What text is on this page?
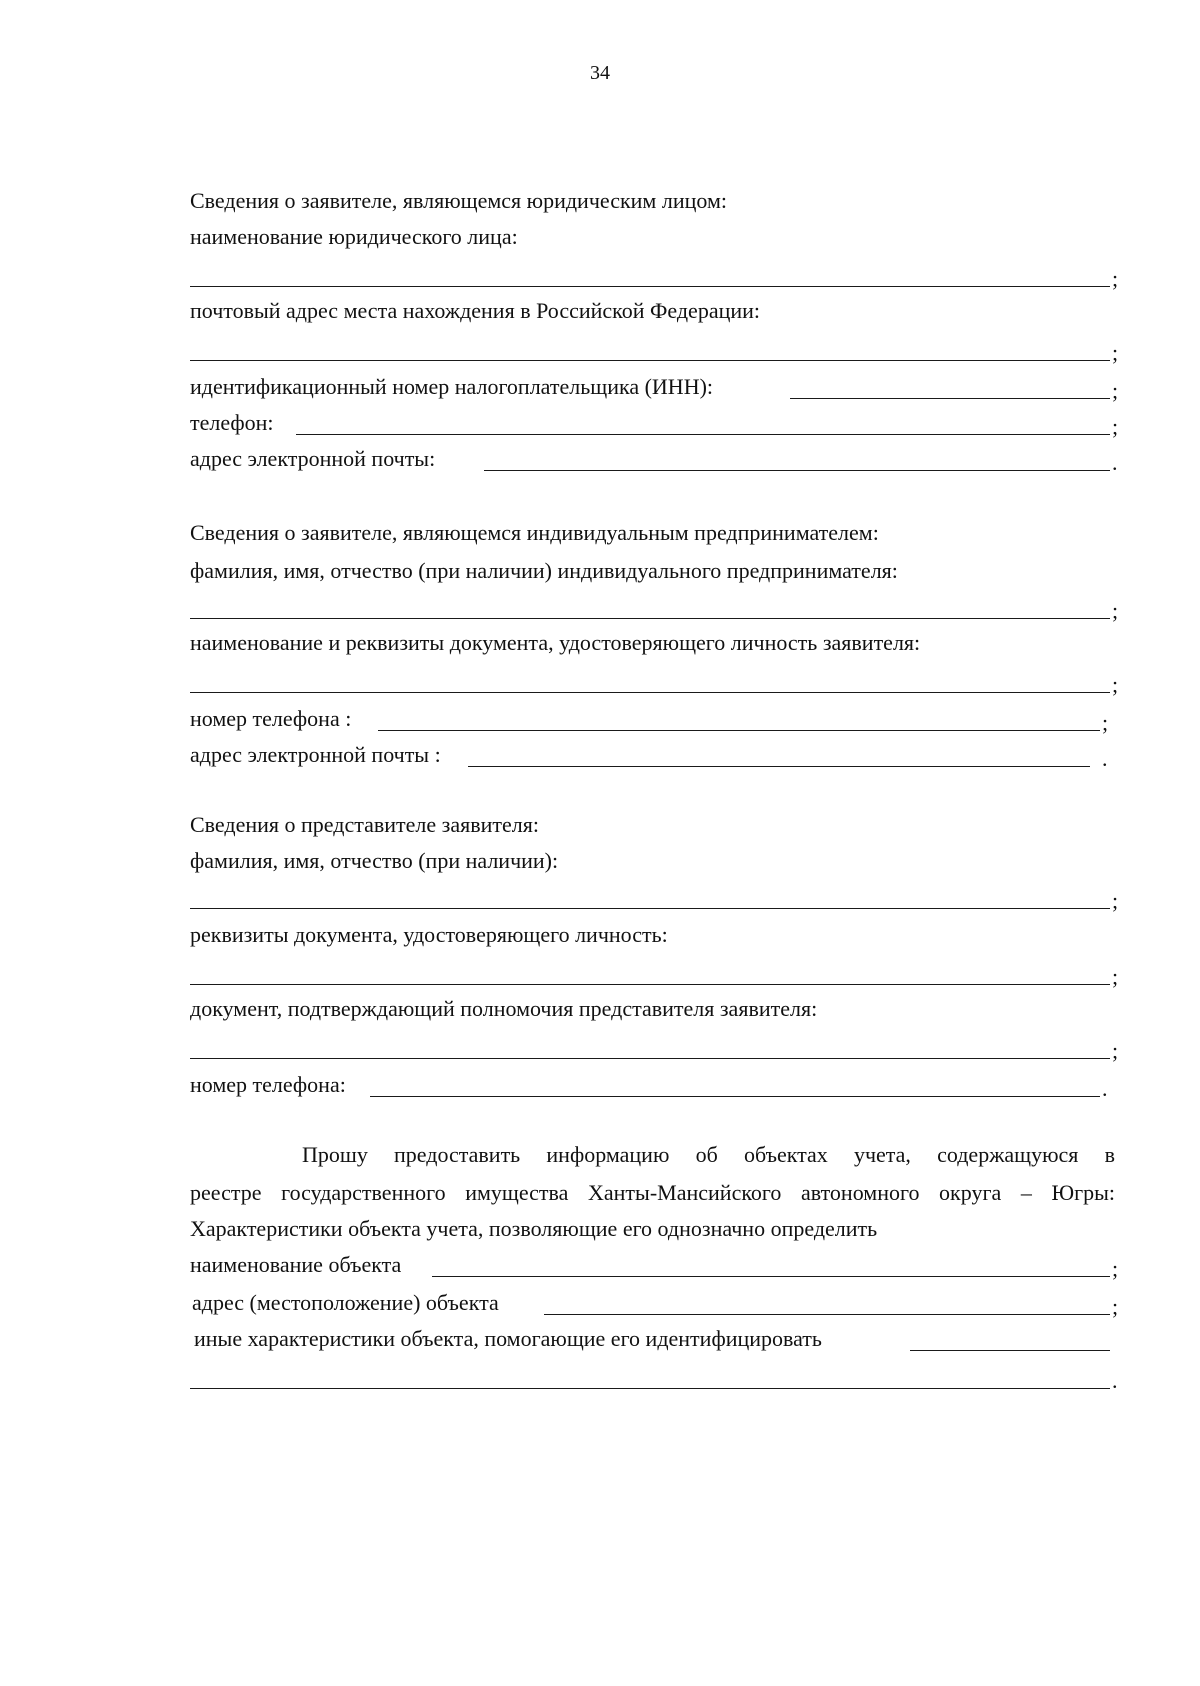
34
Сведения о заявителе, являющемся юридическим лицом:
наименование юридического лица:
;
почтовый адрес места нахождения в Российской Федерации:
;
идентификационный номер налогоплательщика (ИНН):	;
телефон:	;
адрес электронной почты:	.
Сведения о заявителе, являющемся индивидуальным предпринимателем:
фамилия, имя, отчество (при наличии) индивидуального предпринимателя:
;
наименование и реквизиты документа, удостоверяющего личность заявителя:
;
номер телефона :	;
адрес электронной почты :	.
Сведения о представителе заявителя:
фамилия, имя, отчество (при наличии):
;
реквизиты документа, удостоверяющего личность:
;
документ, подтверждающий полномочия представителя заявителя:
;
номер телефона:	.
Прошу предоставить информацию об объектах учета, содержащуюся в
реестре государственного имущества Ханты-Мансийского автономного округа – Югры:
Характеристики объекта учета, позволяющие его однозначно определить
наименование объекта	;
адрес (местоположение) объекта	;
иные характеристики объекта, помогающие его идентифицировать
.
